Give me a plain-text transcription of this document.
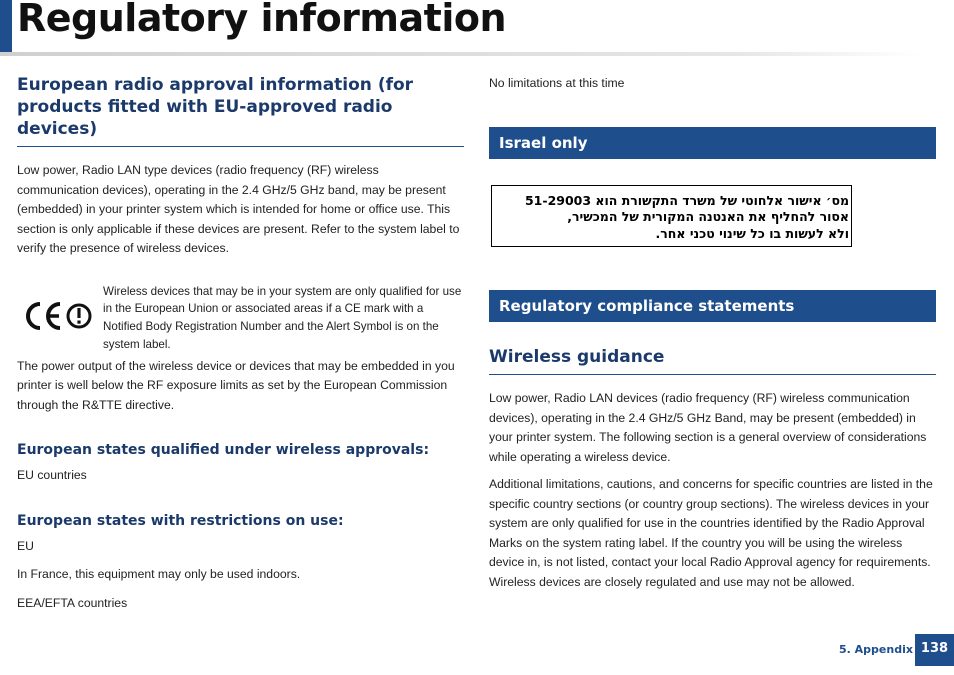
Regulatory information
European radio approval information (for products fitted with EU-approved radio devices)

Low power, Radio LAN type devices (radio frequency (RF) wireless communication devices), operating in the 2.4 GHz/5 GHz band, may be present (embedded) in your printer system which is intended for home or office use. This section is only applicable if these devices are present. Refer to the system label to verify the presence of wireless devices.

Wireless devices that may be in your system are only qualified for use in the European Union or associated areas if a CE mark with a Notified Body Registration Number and the Alert Symbol is on the system label.

The power output of the wireless device or devices that may be embedded in you printer is well below the RF exposure limits as set by the European Commission through the R&TTE directive.

European states qualified under wireless approvals:

EU countries

European states with restrictions on use:

EU

In France, this equipment may only be used indoors.

EEA/EFTA countries

No limitations at this time

Israel only
מס׳ אישור אלחוטי של משרד התקשורת הוא 51-29003
אסור להחליף את האנטנה המקורית של המכשיר,
ולא לעשות בו כל שינוי טכני אחר.
Regulatory compliance statements
Wireless guidance

Low power, Radio LAN devices (radio frequency (RF) wireless communication devices), operating in the 2.4 GHz/5 GHz Band, may be present (embedded) in your printer system. The following section is a general overview of considerations while operating a wireless device.

Additional limitations, cautions, and concerns for specific countries are listed in the specific country sections (or country group sections). The wireless devices in your system are only qualified for use in the countries identified by the Radio Approval Marks on the system rating label. If the country you will be using the wireless device in, is not listed, contact your local Radio Approval agency for requirements. Wireless devices are closely regulated and use may not be allowed.

5. Appendix 138
